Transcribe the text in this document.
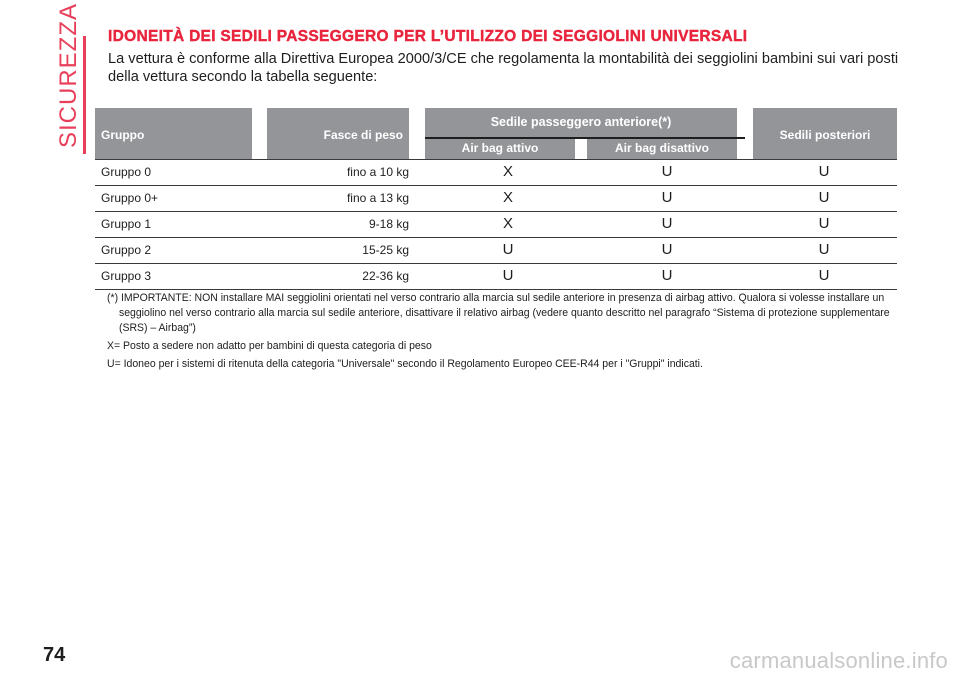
SICUREZZA IDONEITÀ DEI SEDILI PASSEGGERO PER L’UTILIZZO DEI SEGGIOLINI UNIVERSALI

La vettura è conforme alla Direttiva Europea 2000/3/CE che regolamenta la montabilità dei seggiolini bambini sui vari posti della vettura secondo la tabella seguente:

Gruppo	Fasce di peso
Sedile passeggero anteriore(*)
Air bag attivo	Air bag disattivo
Sedili posteriori
Gruppo 0	fino a 10 kg	X	U	U
Gruppo 0+	fino a 13 kg	X	U	U
Gruppo 1	9-18 kg	X	U	U
Gruppo 2	15-25 kg	U	U	U
Gruppo 3	22-36 kg	U	U	U

(*) IMPORTANTE: NON installare MAI seggiolini orientati nel verso contrario alla marcia sul sedile anteriore in presenza di airbag attivo. Qualora si volesse installare un seggiolino nel verso contrario alla marcia sul sedile anteriore, disattivare il relativo airbag (vedere quanto descritto nel paragrafo “Sistema di protezione supplementare (SRS) – Airbag”)

X= Posto a sedere non adatto per bambini di questa categoria di peso

U= Idoneo per i sistemi di ritenuta della categoria "Universale" secondo il Regolamento Europeo CEE-R44 per i "Gruppi" indicati.

74	carmanualsonline.info
